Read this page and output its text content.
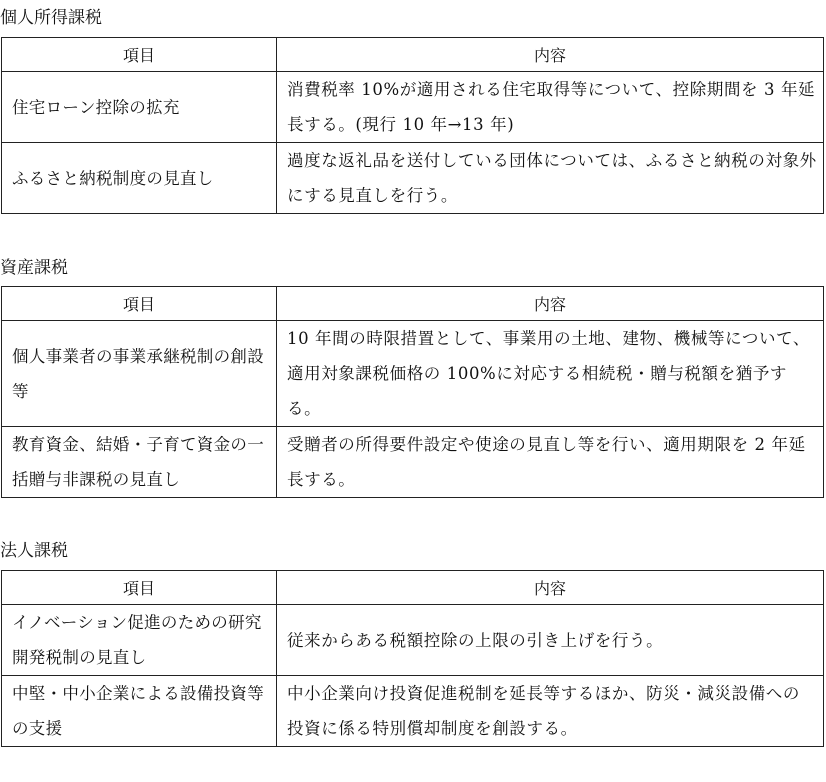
個人所得課税
項目	内容

住宅ローン控除の拡充	消費税率 10%が適用される住宅取得等について、控除期間を 3 年延長する。(現行 10 年→13 年)

ふるさと納税制度の見直し	過度な返礼品を送付している団体については、ふるさと納税の対象外にする見直しを行う。
資産課税
項目	内容

個人事業者の事業承継税制の創設等	10 年間の時限措置として、事業用の土地、建物、機械等について、適用対象課税価格の 100%に対応する相続税・贈与税額を猶予する。

教育資金、結婚・子育て資金の一括贈与非課税の見直し	受贈者の所得要件設定や使途の見直し等を行い、適用期限を 2 年延長する。
法人課税
項目	内容

イノベーション促進のための研究開発税制の見直し	従来からある税額控除の上限の引き上げを行う。

中堅・中小企業による設備投資等の支援	中小企業向け投資促進税制を延長等するほか、防災・減災設備への投資に係る特別償却制度を創設する。
